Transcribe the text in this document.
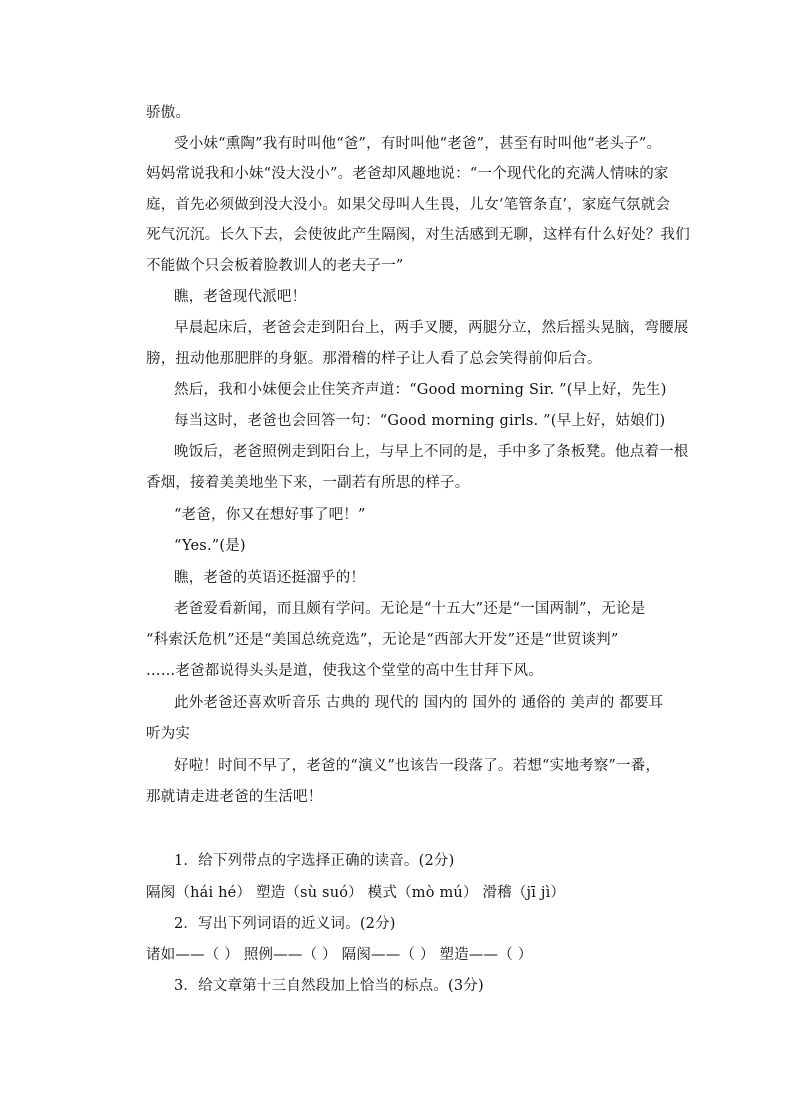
骄傲。
受小妹“熏陶”我有时叫他“爸”，有时叫他“老爸”，甚至有时叫他“老头子”。
妈妈常说我和小妹“没大没小”。老爸却风趣地说：“一个现代化的充满人情味的家
庭，首先必须做到没大没小。如果父母叫人生畏，儿女‘笔管条直’，家庭气氛就会
死气沉沉。长久下去，会使彼此产生隔阂，对生活感到无聊，这样有什么好处？我们
不能做个只会板着脸教训人的老夫子一”
瞧，老爸现代派吧！
早晨起床后，老爸会走到阳台上，两手叉腰，两腿分立，然后摇头晃脑，弯腰展
膀，扭动他那肥胖的身躯。那滑稽的样子让人看了总会笑得前仰后合。
然后，我和小妹便会止住笑齐声道：“Good morning Sir. ”(早上好，先生)
每当这时，老爸也会回答一句：“Good morning girls. ”(早上好，姑娘们)
晚饭后，老爸照例走到阳台上，与早上不同的是，手中多了条板凳。他点着一根
香烟，接着美美地坐下来，一副若有所思的样子。
“老爸，你又在想好事了吧！”
“Yes.”(是)
瞧，老爸的英语还挺溜乎的！
老爸爱看新闻，而且颇有学问。无论是“十五大”还是“一国两制”，无论是
“科索沃危机”还是“美国总统竞选”，无论是“西部大开发”还是“世贸谈判”
……老爸都说得头头是道，使我这个堂堂的高中生甘拜下风。
此外老爸还喜欢听音乐 古典的 现代的 国内的 国外的 通俗的 美声的 都要耳
听为实
好啦！时间不早了，老爸的“演义”也该告一段落了。若想“实地考察”一番，
那就请走进老爸的生活吧！
1．给下列带点的字选择正确的读音。(2分)
隔阂（hái hé） 塑造（sù suó） 模式（mò mú） 滑稽（jī jì）
2．写出下列词语的近义词。(2分)
诸如——（ ） 照例——（ ） 隔阂——（ ） 塑造——（ ）
3．给文章第十三自然段加上恰当的标点。(3分)
